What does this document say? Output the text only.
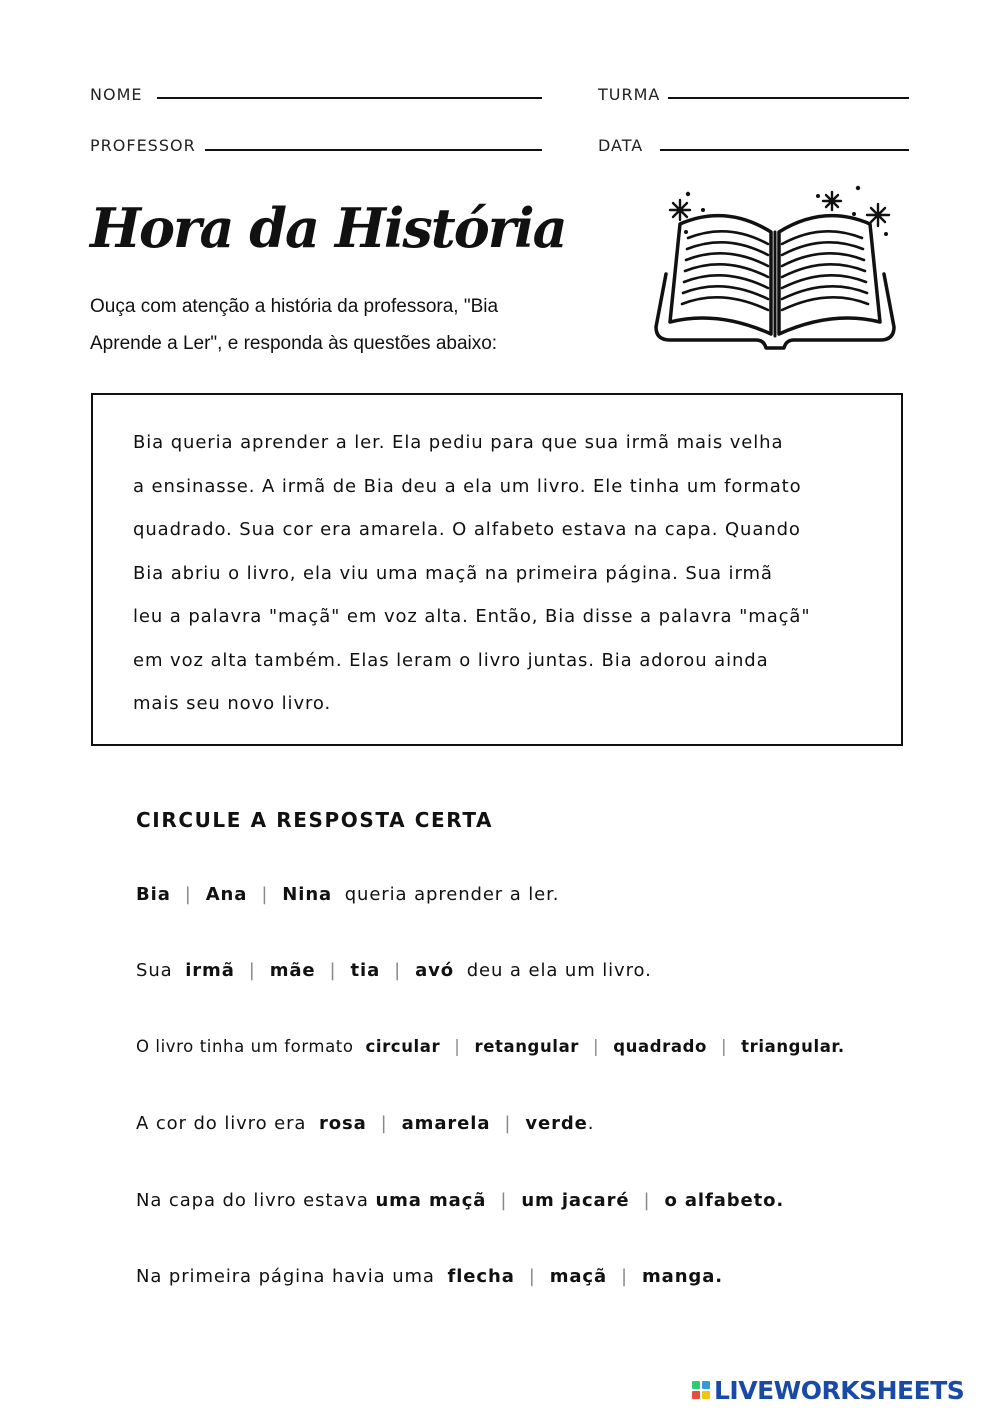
NOME	TURMA
PROFESSOR	DATA
Hora da História
Ouça com atenção a história da professora, "Bia
Aprende a Ler", e responda às questões abaixo:
Bia queria aprender a ler. Ela pediu para que sua irmã mais velha
a ensinasse. A irmã de Bia deu a ela um livro. Ele tinha um formato
quadrado. Sua cor era amarela. O alfabeto estava na capa. Quando
Bia abriu o livro, ela viu uma maçã na primeira página. Sua irmã
leu a palavra "maçã" em voz alta. Então, Bia disse a palavra "maçã"
em voz alta também. Elas leram o livro juntas. Bia adorou ainda
mais seu novo livro.
CIRCULE A RESPOSTA CERTA
Bia | Ana | Nina queria aprender a ler.
Sua irmã | mãe | tia | avó deu a ela um livro.
O livro tinha um formato circular | retangular | quadrado | triangular.
A cor do livro era rosa | amarela | verde.
Na capa do livro estava uma maçã | um jacaré | o alfabeto.
Na primeira página havia uma flecha | maçã | manga.
LIVEWORKSHEETS
